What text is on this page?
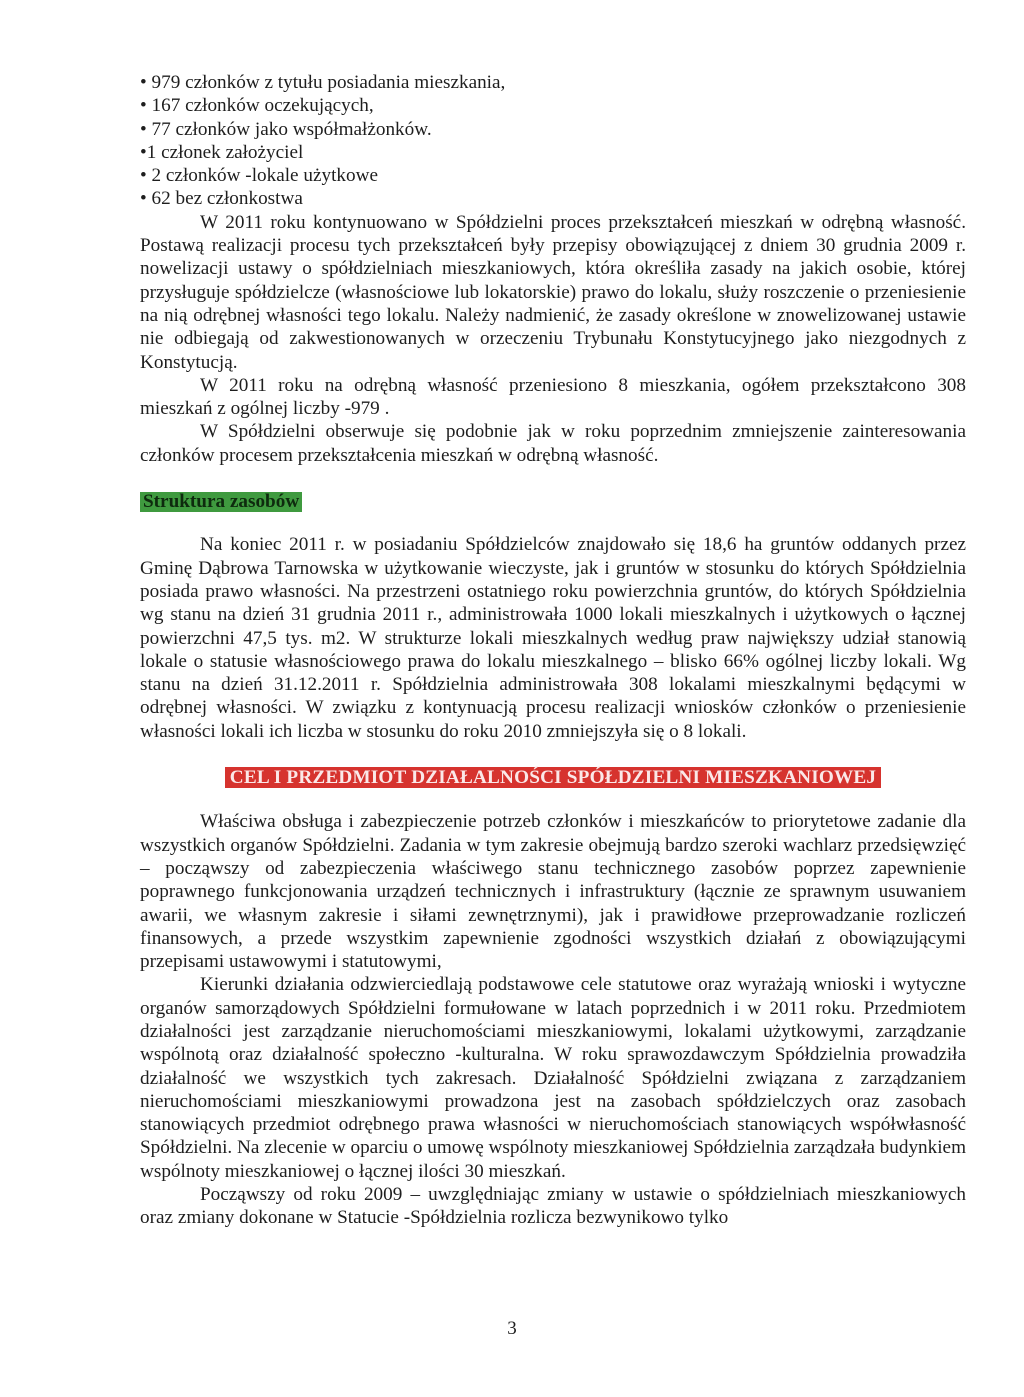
• 979 członków z tytułu posiadania mieszkania,
• 167 członków oczekujących,
• 77 członków jako współmałżonków.
• 1 członek założyciel
• 2 członków -lokale użytkowe
• 62 bez członkostwa

W 2011 roku kontynuowano w Spółdzielni proces przekształceń mieszkań w odrębną własność. Postawą realizacji procesu tych przekształceń były przepisy obowiązującej z dniem 30 grudnia 2009 r. nowelizacji ustawy o spółdzielniach mieszkaniowych, która określiła zasady na jakich osobie, której przysługuje spółdzielcze (własnościowe lub lokatorskie) prawo do lokalu, służy roszczenie o przeniesienie na nią odrębnej własności tego lokalu. Należy nadmienić, że zasady określone w znowelizowanej ustawie nie odbiegają od zakwestionowanych w orzeczeniu Trybunału Konstytucyjnego jako niezgodnych z Konstytucją.

W 2011 roku na odrębną własność przeniesiono 8 mieszkania, ogółem przekształcono 308 mieszkań z ogólnej liczby -979 .

W Spółdzielni obserwuje się podobnie jak w roku poprzednim zmniejszenie zainteresowania członków procesem przekształcenia mieszkań w odrębną własność.

Struktura zasobów

Na koniec 2011 r. w posiadaniu Spółdzielców znajdowało się 18,6 ha gruntów oddanych przez Gminę Dąbrowa Tarnowska w użytkowanie wieczyste, jak i gruntów w stosunku do których Spółdzielnia posiada prawo własności. Na przestrzeni ostatniego roku powierzchnia gruntów, do których Spółdzielnia wg stanu na dzień 31 grudnia 2011 r., administrowała 1000 lokali mieszkalnych i użytkowych o łącznej powierzchni 47,5 tys. m2. W strukturze lokali mieszkalnych według praw największy udział stanowią lokale o statusie własnościowego prawa do lokalu mieszkalnego – blisko 66% ogólnej liczby lokali. Wg stanu na dzień 31.12.2011 r. Spółdzielnia administrowała 308 lokalami mieszkalnymi będącymi w odrębnej własności. W związku z kontynuacją procesu realizacji wniosków członków o przeniesienie własności lokali ich liczba w stosunku do roku 2010 zmniejszyła się o 8 lokali.

CEL I PRZEDMIOT DZIAŁALNOŚCI SPÓŁDZIELNI MIESZKANIOWEJ

Właściwa obsługa i zabezpieczenie potrzeb członków i mieszkańców to priorytetowe zadanie dla wszystkich organów Spółdzielni. Zadania w tym zakresie obejmują bardzo szeroki wachlarz przedsięwzięć – począwszy od zabezpieczenia właściwego stanu technicznego zasobów poprzez zapewnienie poprawnego funkcjonowania urządzeń technicznych i infrastruktury (łącznie ze sprawnym usuwaniem awarii, we własnym zakresie i siłami zewnętrznymi), jak i prawidłowe przeprowadzanie rozliczeń finansowych, a przede wszystkim zapewnienie zgodności wszystkich działań z obowiązującymi przepisami ustawowymi i statutowymi,

Kierunki działania odzwierciedlają podstawowe cele statutowe oraz wyrażają wnioski i wytyczne organów samorządowych Spółdzielni formułowane w latach poprzednich i w 2011 roku. Przedmiotem działalności jest zarządzanie nieruchomościami mieszkaniowymi, lokalami użytkowymi, zarządzanie wspólnotą oraz działalność społeczno -kulturalna. W roku sprawozdawczym Spółdzielnia prowadziła działalność we wszystkich tych zakresach. Działalność Spółdzielni związana z zarządzaniem nieruchomościami mieszkaniowymi prowadzona jest na zasobach spółdzielczych oraz zasobach stanowiących przedmiot odrębnego prawa własności w nieruchomościach stanowiących współwłasność Spółdzielni. Na zlecenie w oparciu o umowę wspólnoty mieszkaniowej Spółdzielnia zarządzała budynkiem wspólnoty mieszkaniowej o łącznej ilości 30 mieszkań.

Począwszy od roku 2009 – uwzględniając zmiany w ustawie o spółdzielniach mieszkaniowych oraz zmiany dokonane w Statucie -Spółdzielnia rozlicza bezwynikowo tylko

3
